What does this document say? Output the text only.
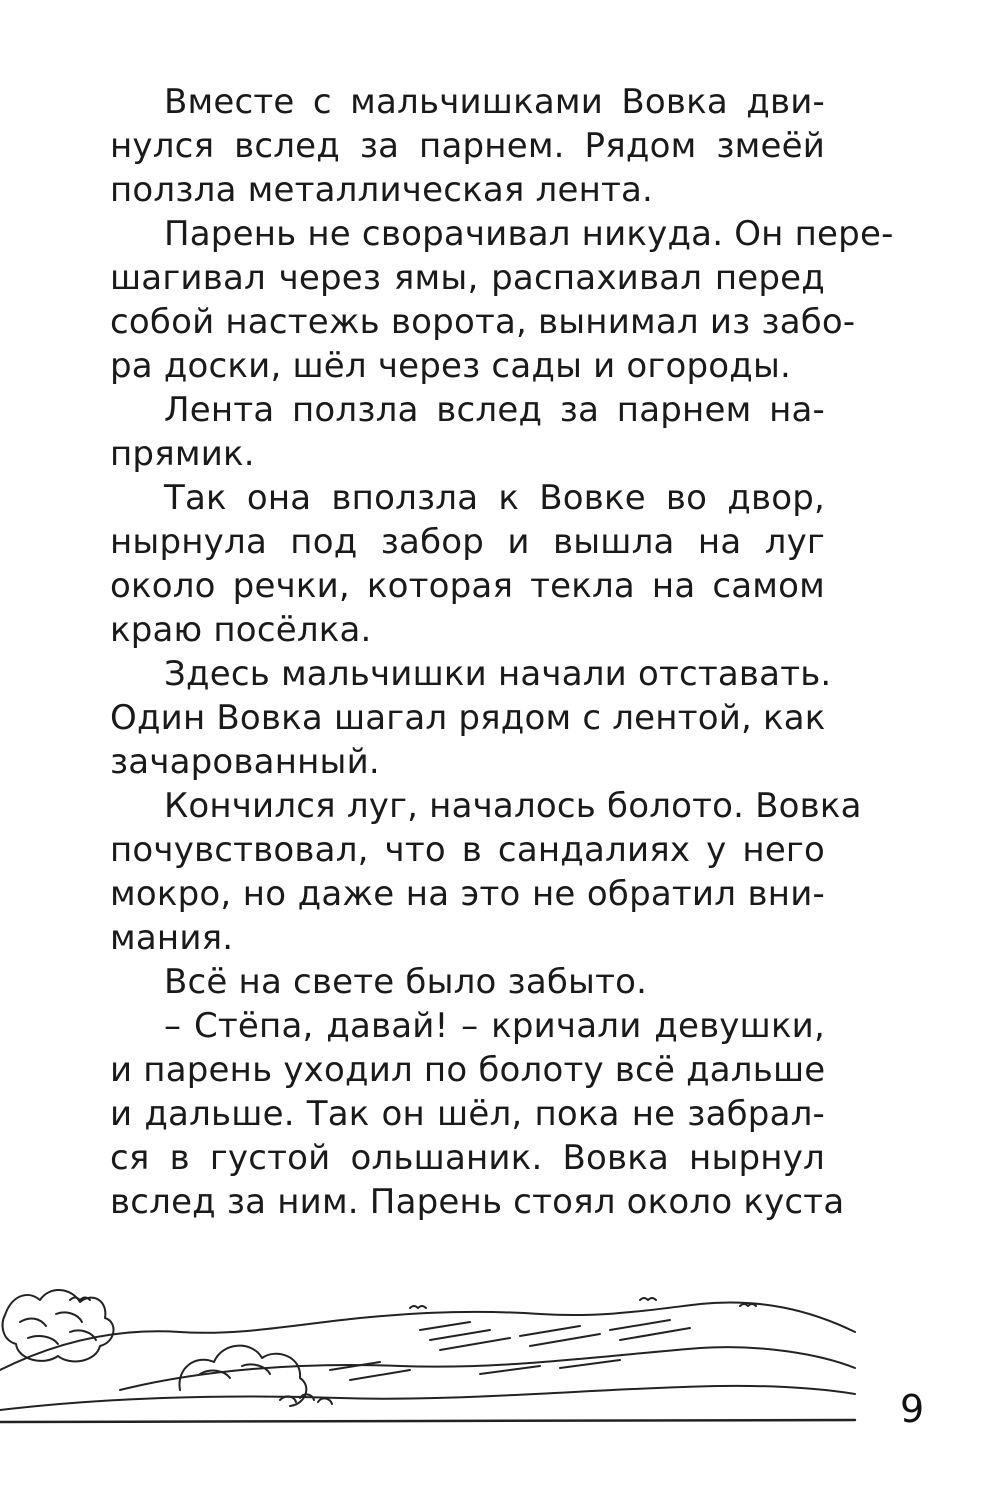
Вместе с мальчишками Вовка дви-
нулся вслед за парнем. Рядом змеёй
ползла металлическая лента.
Парень не сворачивал никуда. Он пере-
шагивал через ямы, распахивал перед
собой настежь ворота, вынимал из забо-
ра доски, шёл через сады и огороды.
Лента ползла вслед за парнем на-
прямик.
Так она вползла к Вовке во двор,
нырнула под забор и вышла на луг
около речки, которая текла на самом
краю посёлка.
Здесь мальчишки начали отставать.
Один Вовка шагал рядом с лентой, как
зачарованный.
Кончился луг, началось болото. Вовка
почувствовал, что в сандалиях у него
мокро, но даже на это не обратил вни-
мания.
Всё на свете было забыто.
– Стёпа, давай! – кричали девушки,
и парень уходил по болоту всё дальше
и дальше. Так он шёл, пока не забрал-
ся в густой ольшаник. Вовка нырнул
вслед за ним. Парень стоял около куста
9
